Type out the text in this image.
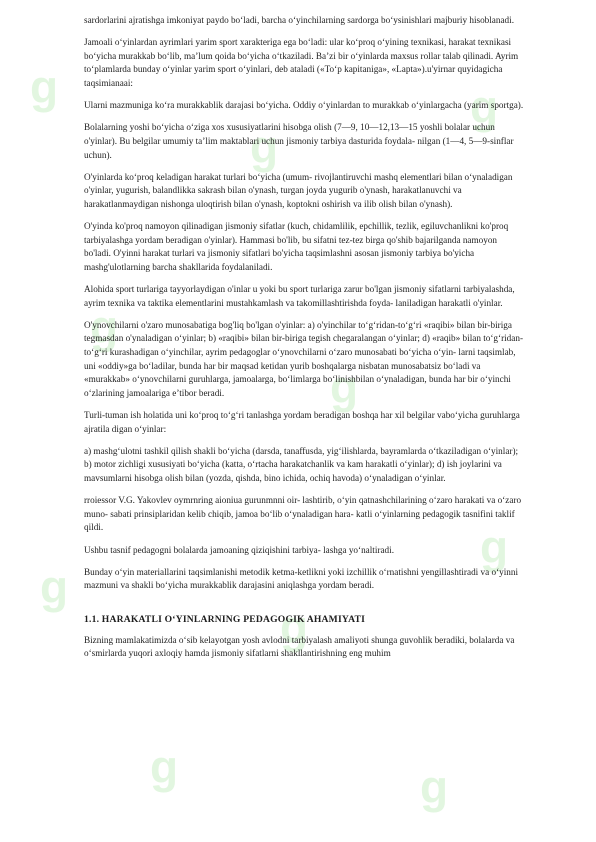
g
g
g
g
g
g
g
g
g	g

sardorlarini ajratishga imkoniyat paydo bo‘ladi, barcha o‘yinchilarning sardorga bo‘ysinishlari majburiy hisoblanadi.

Jamoali o‘yinlardan ayrimlari yarim sport xarakteriga ega bo‘ladi: ular ko‘proq o‘yining texnikasi, harakat texnikasi bo‘yicha murakkab bo‘lib, ma’lum qoida bo‘yicha o‘tkaziladi. Ba’zi bir o‘yinlarda maxsus rollar talab qilinadi. Ayrim to‘plamlarda bunday o‘yinlar yarim sport o‘yinlari, deb ataladi («To‘p kapitaniga», «Lapta»).u'yirnar quyidagicha taqsimianaai:

Ularni mazmuniga ko‘ra murakkablik darajasi bo‘yicha. Oddiy o‘yinlardan to murakkab o‘yinlargacha (yarim sportga).

Bolalarning yoshi bo‘yicha o‘ziga xos xususiyatlarini hisobga olish (7—9, 10—12,13—15 yoshli bolalar uchun o'yinlar). Bu belgilar umumiy ta’lim maktablari uchun jismoniy tarbiya dasturida foydala- nilgan (1—4, 5—9-sinflar uchun).

O'yinlarda ko‘proq keladigan harakat turlari bo‘yicha (umum- rivojlantiruvchi mashq elementlari bilan o‘ynaladigan o'yinlar, yugurish, balandlikka sakrash bilan o'ynash, turgan joyda yugurib o'ynash, harakatlanuvchi va harakatlanmaydigan nishonga uloqtirish bilan o'ynash, koptokni oshirish va ilib olish bilan o'ynash).

O'yinda ko'proq namoyon qilinadigan jismoniy sifatlar (kuch, chidamlilik, epchillik, tezlik, egiluvchanlikni ko'proq tarbiyalashga yordam beradigan o'yinlar). Hammasi bo'lib, bu sifatni tez-tez birga qo'shib bajarilganda namoyon bo'ladi. O'yinni harakat turlari va jismoniy sifatlari bo'yicha taqsimlashni asosan jismoniy tarbiya bo'yicha mashg'ulotlarning barcha shakllarida foydalaniladi.

Alohida sport turlariga tayyorlaydigan o'inlar u yoki bu sport turlariga zarur bo'lgan jismoniy sifatlarni tarbiyalashda, ayrim texnika va taktika elementlarini mustahkamlash va takomillashtirishda foyda- laniladigan harakatli o'yinlar.

O'ynovchilarni o'zaro munosabatiga bog'liq bo'lgan o'yinlar: a) o'yinchilar to‘g‘ridan-to‘g‘ri «raqibi» bilan bir-biriga tegmasdan o'ynaladigan o‘yinlar; b) «raqibi» bilan bir-biriga tegish chegaralangan o‘yinlar; d) «raqib» bilan to‘g‘ridan-to‘g‘ri kurashadigan o‘yinchilar, ayrim pedagoglar o‘ynovchilarni o‘zaro munosabati bo‘yicha o‘yin- larni taqsimlab, uni «oddiy»ga bo‘ladilar, bunda har bir maqsad ketidan yurib boshqalarga nisbatan munosabatsiz bo‘ladi va «murakkab» o‘ynovchilarni guruhlarga, jamoalarga, bo‘limlarga bo‘linishbilan o‘ynaladigan, bunda har bir o‘yinchi o‘zlarining jamoalariga e’tibor beradi.

Turli-tuman ish holatida uni ko‘proq to‘g‘ri tanlashga yordam beradigan boshqa har xil belgilar vabo‘yicha guruhlarga ajratila digan o‘yinlar:

a) mashg‘ulotni tashkil qilish shakli bo‘yicha (darsda, tanaffusda, yig‘ilishlarda, bayramlarda o‘tkaziladigan o‘yinlar); b) motor zichligi xususiyati bo‘yicha (katta, o‘rtacha harakatchanlik va kam harakatli o‘yinlar); d) ish joylarini va mavsumlarni hisobga olish bilan (yozda, qishda, bino ichida, ochiq havoda) o‘ynaladigan o‘yinlar.

rroiessor V.G. Yakovlev oymrnring aioniua gurunmnni oir- lashtirib, o‘yin qatnashchilarining o‘zaro harakati va o‘zaro muno- sabati prinsiplaridan kelib chiqib, jamoa bo‘lib o‘ynaladigan hara- katli o‘yinlarning pedagogik tasnifini taklif qildi.

Ushbu tasnif pedagogni bolalarda jamoaning qiziqishini tarbiya- lashga yo‘naltiradi.

Bunday o‘yin materiallarini taqsimlanishi metodik ketma-ketlikni yoki izchillik o‘rnatishni yengillashtiradi va o‘yinni mazmuni va shakli bo‘yicha murakkablik darajasini aniqlashga yordam beradi.

1.1. HARAKATLI O‘YINLARNING PEDAGOGIK AHAMIYATI

Bizning mamlakatimizda o‘sib kelayotgan yosh avlodni tarbiyalash amaliyoti shunga guvohlik beradiki, bolalarda va o‘smirlarda yuqori axloqiy hamda jismoniy sifatlarni shakllantirishning eng muhim
